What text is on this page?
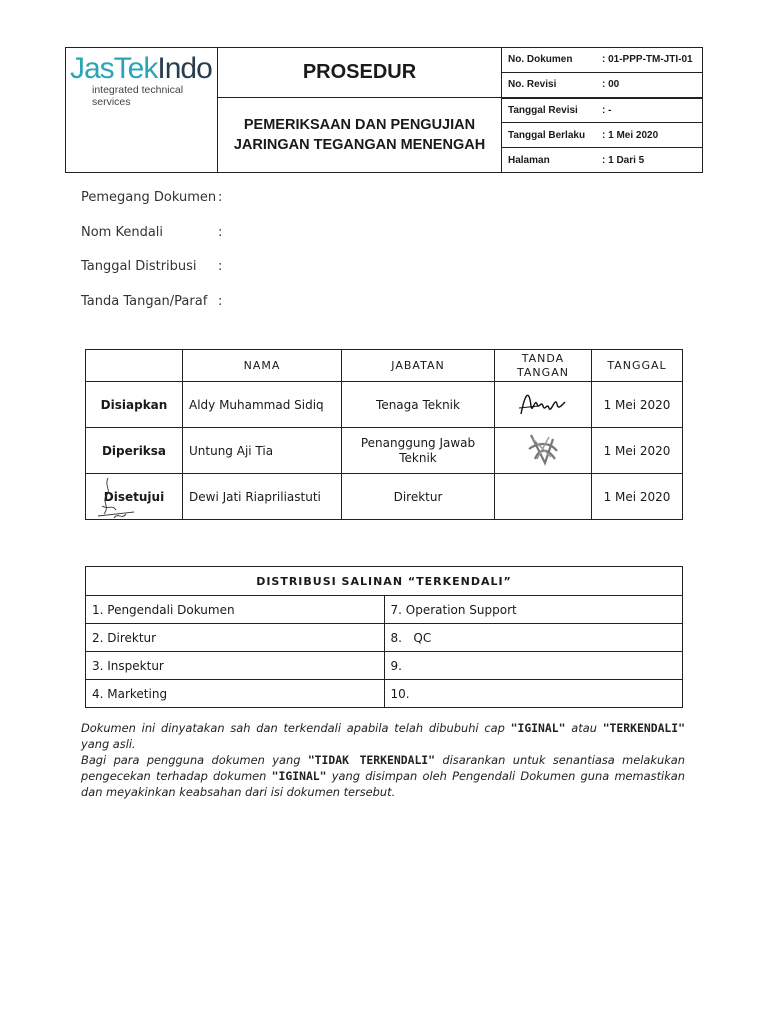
JasTekIndo
integrated technical services
PROSEDUR
PEMERIKSAAN DAN PENGUJIAN
JARINGAN TEGANGAN MENENGAH
No. Dokumen	: 01-PPP-TM-JTI-01
No. Revisi	: 00
Tanggal Revisi	: -
Tanggal Berlaku	: 1 Mei 2020
Halaman	: 1 Dari 5
Pemegang Dokumen :
Nom Kendali	:
Tanggal Distribusi	:
Tanda Tangan/Paraf :
	NAMA	JABATAN	TANDA TANGAN	TANGGAL
Disiapkan	Aldy Muhammad Sidiq	Tenaga Teknik		1 Mei 2020
Diperiksa	Untung Aji Tia	Penanggung Jawab Teknik		1 Mei 2020

Disetujui	Dewi Jati Riapriliastuti	Direktur		1 Mei 2020
DISTRIBUSI SALINAN “TERKENDALI”	
1. Pengendali Dokumen	7. Operation Support
2. Direktur	8.   QC
3. Inspektur	9.
4. Marketing	10.
Dokumen ini dinyatakan sah dan terkendali apabila telah dibubuhi cap "IGINAL" atau "TERKENDALI" yang asli.
Bagi para pengguna dokumen yang "TIDAK TERKENDALI" disarankan untuk senantiasa melakukan pengecekan terhadap dokumen "IGINAL" yang disimpan oleh Pengendali Dokumen guna memastikan dan meyakinkan keabsahan dari isi dokumen tersebut.
